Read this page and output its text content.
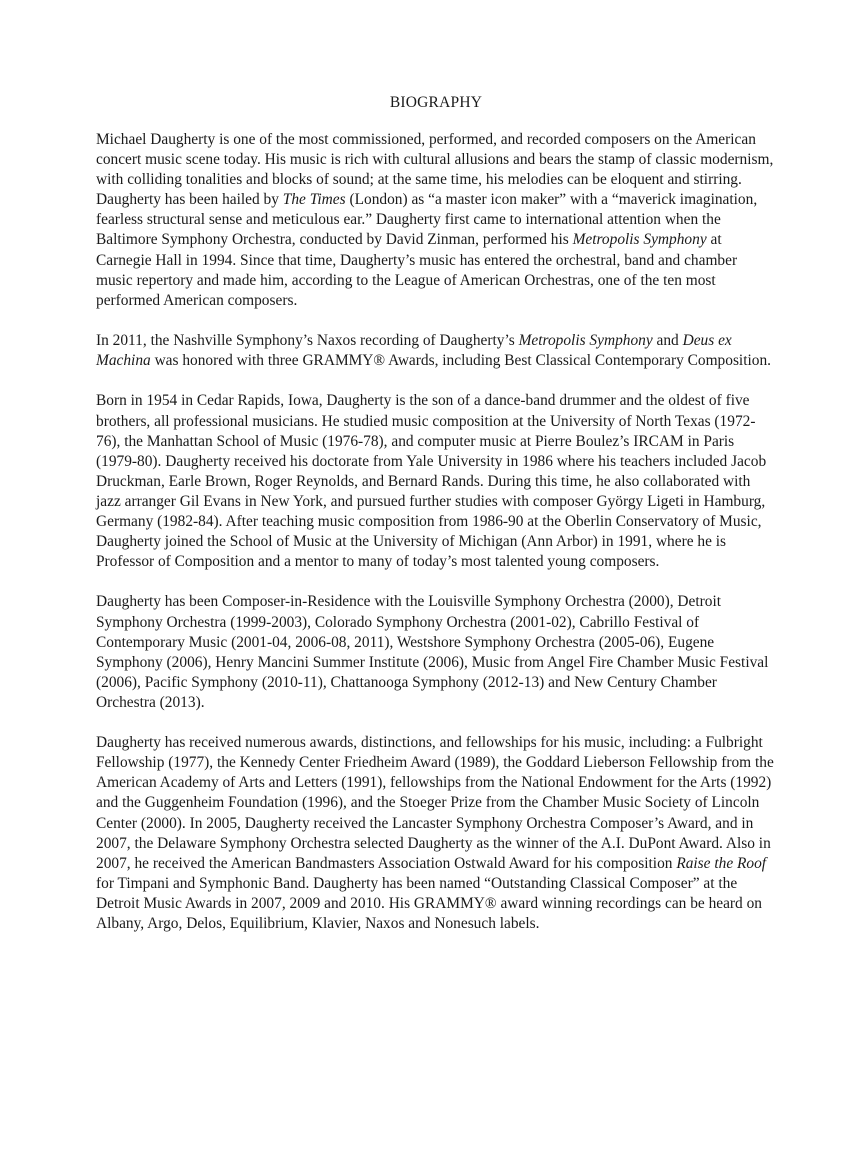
BIOGRAPHY

Michael Daugherty is one of the most commissioned, performed, and recorded composers on the American concert music scene today. His music is rich with cultural allusions and bears the stamp of classic modernism, with colliding tonalities and blocks of sound; at the same time, his melodies can be eloquent and stirring. Daugherty has been hailed by The Times (London) as “a master icon maker” with a “maverick imagination, fearless structural sense and meticulous ear.” Daugherty first came to international attention when the Baltimore Symphony Orchestra, conducted by David Zinman, performed his Metropolis Symphony at Carnegie Hall in 1994. Since that time, Daugherty’s music has entered the orchestral, band and chamber music repertory and made him, according to the League of American Orchestras, one of the ten most performed American composers.

In 2011, the Nashville Symphony’s Naxos recording of Daugherty’s Metropolis Symphony and Deus ex Machina was honored with three GRAMMY® Awards, including Best Classical Contemporary Composition.

Born in 1954 in Cedar Rapids, Iowa, Daugherty is the son of a dance-band drummer and the oldest of five brothers, all professional musicians. He studied music composition at the University of North Texas (1972-76), the Manhattan School of Music (1976-78), and computer music at Pierre Boulez’s IRCAM in Paris (1979-80). Daugherty received his doctorate from Yale University in 1986 where his teachers included Jacob Druckman, Earle Brown, Roger Reynolds, and Bernard Rands. During this time, he also collaborated with jazz arranger Gil Evans in New York, and pursued further studies with composer György Ligeti in Hamburg, Germany (1982-84). After teaching music composition from 1986-90 at the Oberlin Conservatory of Music, Daugherty joined the School of Music at the University of Michigan (Ann Arbor) in 1991, where he is Professor of Composition and a mentor to many of today’s most talented young composers.

Daugherty has been Composer-in-Residence with the Louisville Symphony Orchestra (2000), Detroit Symphony Orchestra (1999-2003), Colorado Symphony Orchestra (2001-02), Cabrillo Festival of Contemporary Music (2001-04, 2006-08, 2011), Westshore Symphony Orchestra (2005-06), Eugene Symphony (2006), Henry Mancini Summer Institute (2006), Music from Angel Fire Chamber Music Festival (2006), Pacific Symphony (2010-11), Chattanooga Symphony (2012-13) and New Century Chamber Orchestra (2013).

Daugherty has received numerous awards, distinctions, and fellowships for his music, including: a Fulbright Fellowship (1977), the Kennedy Center Friedheim Award (1989), the Goddard Lieberson Fellowship from the American Academy of Arts and Letters (1991), fellowships from the National Endowment for the Arts (1992) and the Guggenheim Foundation (1996), and the Stoeger Prize from the Chamber Music Society of Lincoln Center (2000). In 2005, Daugherty received the Lancaster Symphony Orchestra Composer’s Award, and in 2007, the Delaware Symphony Orchestra selected Daugherty as the winner of the A.I. DuPont Award. Also in 2007, he received the American Bandmasters Association Ostwald Award for his composition Raise the Roof for Timpani and Symphonic Band. Daugherty has been named “Outstanding Classical Composer” at the Detroit Music Awards in 2007, 2009 and 2010. His GRAMMY® award winning recordings can be heard on Albany, Argo, Delos, Equilibrium, Klavier, Naxos and Nonesuch labels.
